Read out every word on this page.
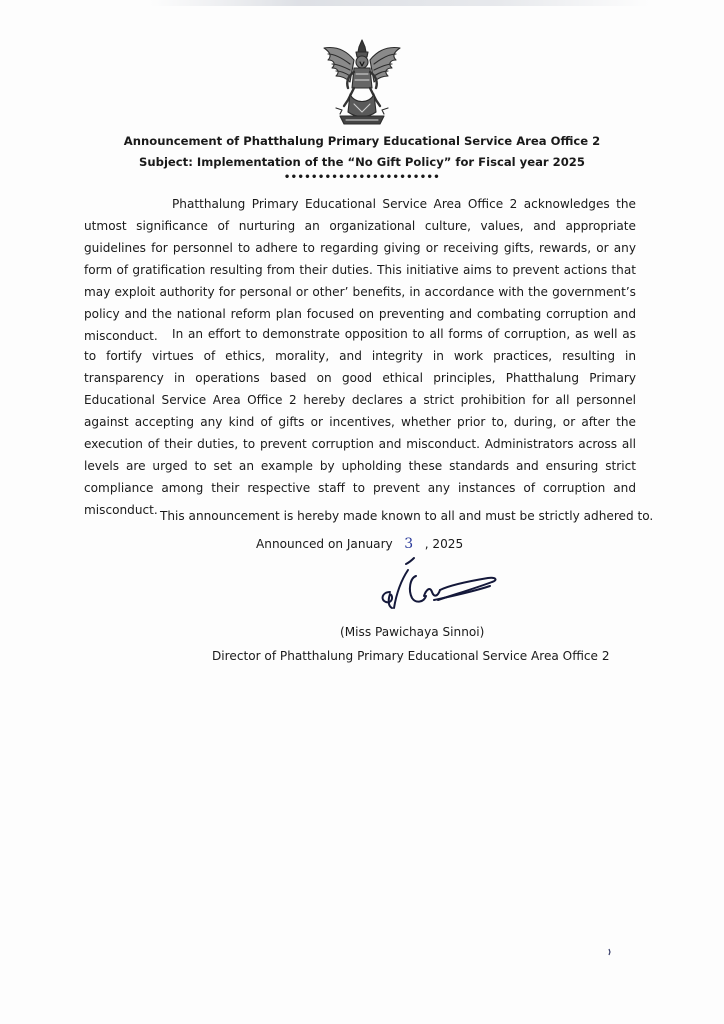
Announcement of Phatthalung Primary Educational Service Area Office 2
Subject: Implementation of the “No Gift Policy” for Fiscal year 2025
•••••••••••••••••••••••

Phatthalung Primary Educational Service Area Office 2 acknowledges the utmost significance of nurturing an organizational culture, values, and appropriate guidelines for personnel to adhere to regarding giving or receiving gifts, rewards, or any form of gratification resulting from their duties. This initiative aims to prevent actions that may exploit authority for personal or other’ benefits, in accordance with the government’s policy and the national reform plan focused on preventing and combating corruption and misconduct.	In an effort to demonstrate opposition to all forms of corruption, as well as to fortify virtues of ethics, morality, and integrity in work practices, resulting in transparency in operations based on good ethical principles, Phatthalung Primary Educational Service Area Office 2 hereby declares a strict prohibition for all personnel against accepting any kind of gifts or incentives, whether prior to, during, or after the execution of their duties, to prevent corruption and misconduct. Administrators across all levels are urged to set an example by upholding these standards and ensuring strict compliance among their respective staff to prevent any instances of corruption and misconduct. This announcement is hereby made known to all and must be strictly adhered to.
Announced on January 3 , 2025
(Miss Pawichaya Sinnoi)
Director of Phatthalung Primary Educational Service Area Office 2
